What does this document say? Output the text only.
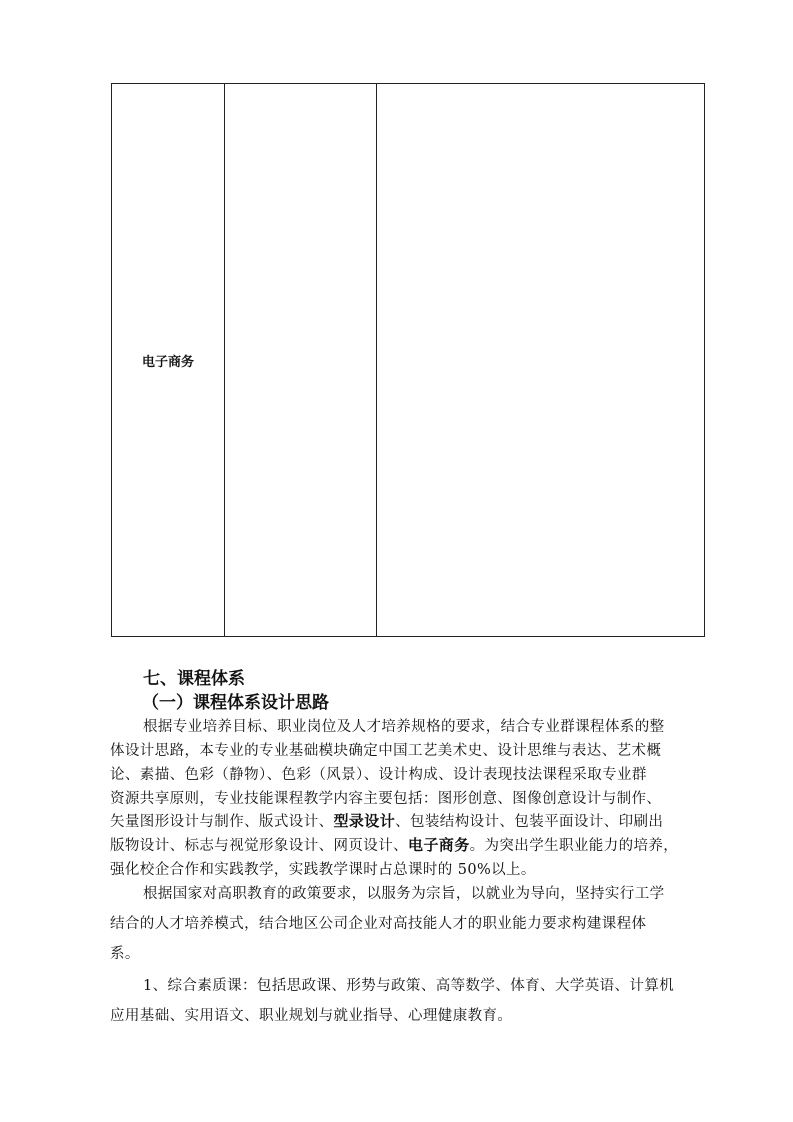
电子商务		
七、课程体系
（一）课程体系设计思路
根据专业培养目标、职业岗位及人才培养规格的要求，结合专业群课程体系的整
体设计思路，本专业的专业基础模块确定中国工艺美术史、设计思维与表达、艺术概
论、素描、色彩（静物）、色彩（风景）、设计构成、设计表现技法课程采取专业群
资源共享原则，专业技能课程教学内容主要包括：图形创意、图像创意设计与制作、
矢量图形设计与制作、版式设计、型录设计、包装结构设计、包装平面设计、印刷出
版物设计、标志与视觉形象设计、网页设计、电子商务。为突出学生职业能力的培养，
强化校企合作和实践教学，实践教学课时占总课时的 50%以上。
根据国家对高职教育的政策要求，以服务为宗旨，以就业为导向，坚持实行工学
结合的人才培养模式，结合地区公司企业对高技能人才的职业能力要求构建课程体
系。
1、综合素质课：包括思政课、形势与政策、高等数学、体育、大学英语、计算机
应用基础、实用语文、职业规划与就业指导、心理健康教育。
